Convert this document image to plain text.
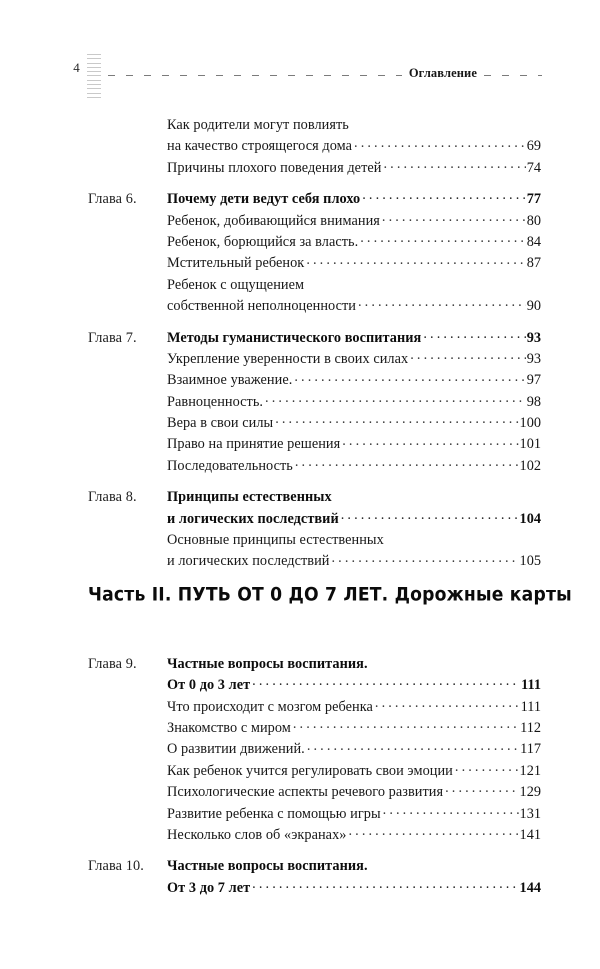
4	Оглавление
Как родители могут повлиять
на качество строящегося дома .....	69
Причины плохого поведения детей .....	74
Глава 6.	Почему дети ведут себя плохо .....	77
Ребенок, добивающийся внимания .....	80
Ребенок, борющийся за власть. .....	84
Мстительный ребенок .....	87
Ребенок с ощущением
собственной неполноценности .....	90
Глава 7.	Методы гуманистического воспитания .....	93
Укрепление уверенности в своих силах .....	93
Взаимное уважение. .....	97
Равноценность. .....	98
Вера в свои силы .....	100
Право на принятие решения .....	101
Последовательность .....	102
Глава 8.	Принципы естественных
и логических последствий .....	104
Основные принципы естественных
и логических последствий .....	105
Глава 9.	Частные вопросы воспитания.
От 0 до 3 лет .....	111
Что происходит с мозгом ребенка .....	111
Знакомство с миром .....	112
О развитии движений. .....	117
Как ребенок учится регулировать свои эмоции .....	121
Психологические аспекты речевого развития .....	129
Развитие ребенка с помощью игры .....	131
Несколько слов об «экранах» .....	141
Глава 10.	Частные вопросы воспитания.
От 3 до 7 лет .....	144
Часть II. ПУТЬ ОТ 0 ДО 7 ЛЕТ. Дорожные карты
